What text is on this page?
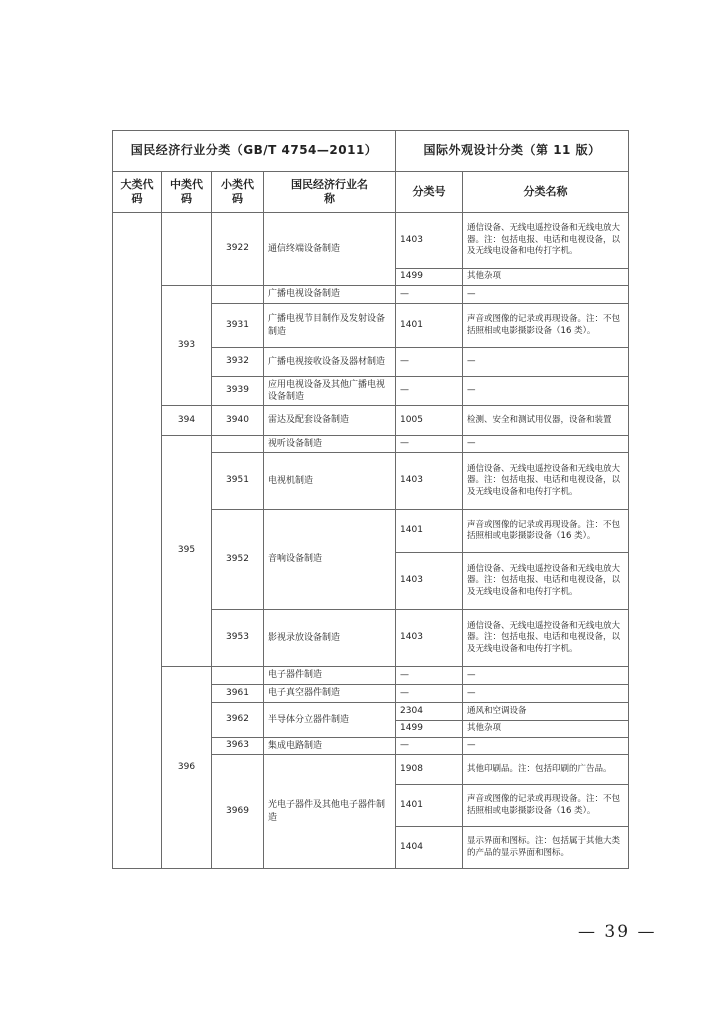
国民经济行业分类（GB/T 4754—2011）				国际外观设计分类（第 11 版）	
大类代码	中类代码	小类代码	国民经济行业名称	分类号	分类名称
		3922	通信终端设备制造	1403	通信设备、无线电遥控设备和无线电放大器。注：包括电报、电话和电视设备，以及无线电设备和电传打字机。
				1499	其他杂项
	393		广播电视设备制造	—	—
		3931	广播电视节目制作及发射设备制造	1401	声音或图像的记录或再现设备。注：不包括照相或电影摄影设备（16 类）。
		3932	广播电视接收设备及器材制造	—	—
		3939	应用电视设备及其他广播电视设备制造	—	—
	394	3940	雷达及配套设备制造	1005	检测、安全和测试用仪器，设备和装置
	395		视听设备制造	—	—
		3951	电视机制造	1403	通信设备、无线电遥控设备和无线电放大器。注：包括电报、电话和电视设备，以及无线电设备和电传打字机。
		3952	音响设备制造	1401	声音或图像的记录或再现设备。注：不包括照相或电影摄影设备（16 类）。
				1403	通信设备、无线电遥控设备和无线电放大器。注：包括电报、电话和电视设备，以及无线电设备和电传打字机。
		3953	影视录放设备制造	1403	通信设备、无线电遥控设备和无线电放大器。注：包括电报、电话和电视设备，以及无线电设备和电传打字机。
	396		电子器件制造	—	—
		3961	电子真空器件制造	—	—
		3962	半导体分立器件制造	2304	通风和空调设备
				1499	其他杂项
		3963	集成电路制造	—	—
		3969	光电子器件及其他电子器件制造	1908	其他印刷品。注：包括印刷的广告品。
				1401	声音或图像的记录或再现设备。注：不包括照相或电影摄影设备（16 类）。
				1404	显示界面和图标。注：包括属于其他大类的产品的显示界面和图标。
— 39 —
